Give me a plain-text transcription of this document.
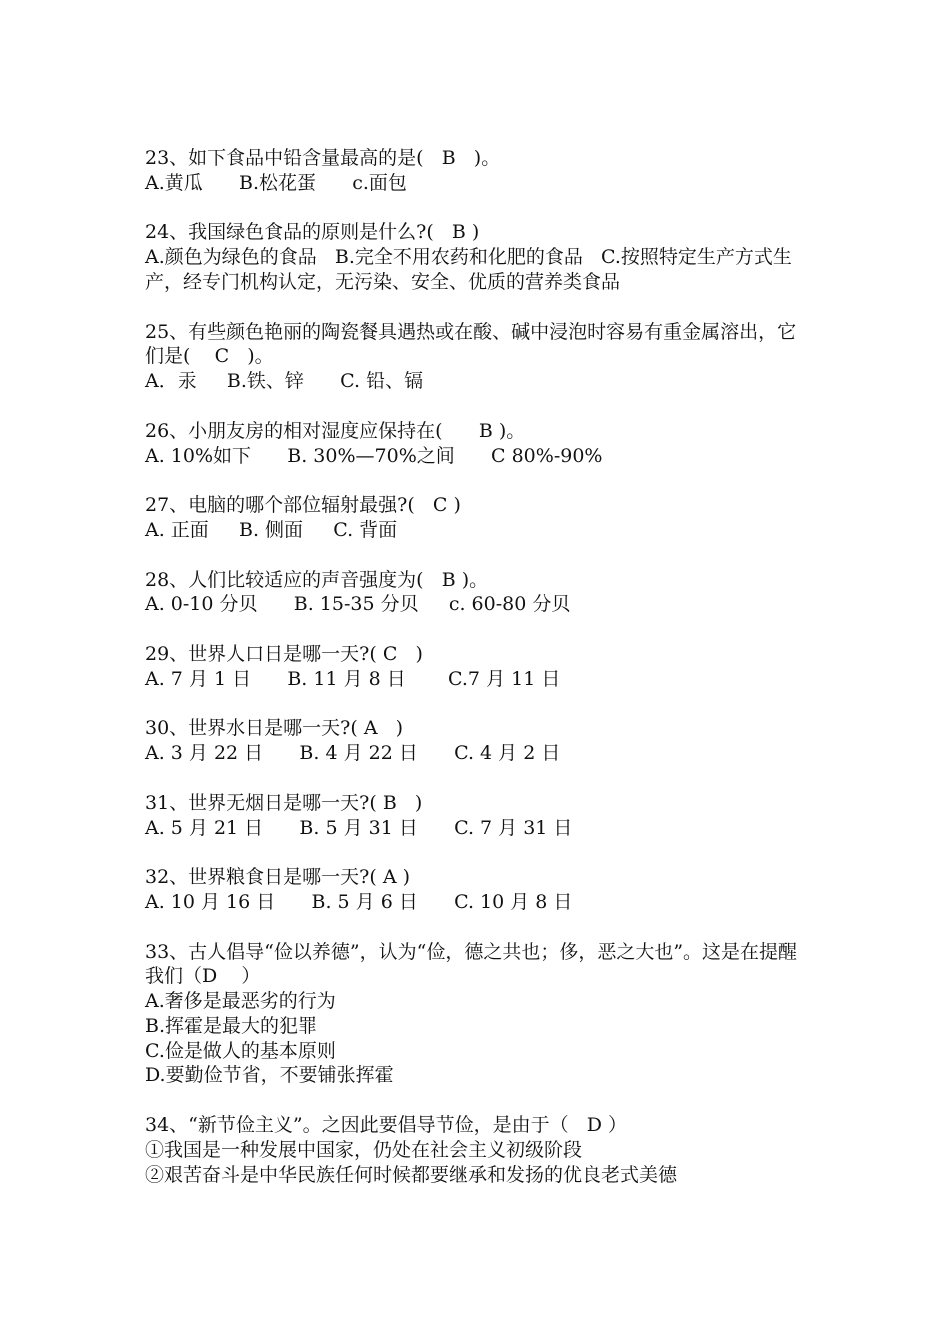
23、如下食品中铅含量最高的是(   B   )。

A.黄瓜      B.松花蛋      c.面包

24、我国绿色食品的原则是什么?(   B )

A.颜色为绿色的食品   B.完全不用农药和化肥的食品   C.按照特定生产方式生产，经专门机构认定，无污染、安全、优质的营养类食品

25、有些颜色艳丽的陶瓷餐具遇热或在酸、碱中浸泡时容易有重金属溶出，它们是(    C   )。

A．汞     B.铁、锌      C. 铅、镉

26、小朋友房的相对湿度应保持在(      B )。

A. 10%如下      B. 30%—70%之间      C 80%-90%

27、电脑的哪个部位辐射最强?(   C )

A. 正面     B. 侧面     C. 背面

28、人们比较适应的声音强度为(   B )。

A. 0-10 分贝      B. 15-35 分贝     c. 60-80 分贝

29、世界人口日是哪一天?( C   )

A. 7 月 1 日      B. 11 月 8 日       C.7 月 11 日

30、世界水日是哪一天?( A   )

A. 3 月 22 日      B. 4 月 22 日      C. 4 月 2 日

31、世界无烟日是哪一天?( B   )

A. 5 月 21 日      B. 5 月 31 日      C. 7 月 31 日

32、世界粮食日是哪一天?( A )

A. 10 月 16 日      B. 5 月 6 日      C. 10 月 8 日

33、古人倡导“俭以养德”，认为“俭，德之共也；侈，恶之大也”。这是在提醒我们（D    ）

A.奢侈是最恶劣的行为

B.挥霍是最大的犯罪

C.俭是做人的基本原则

D.要勤俭节省，不要铺张挥霍

34、“新节俭主义”。之因此要倡导节俭，是由于（   D ）

①我国是一种发展中国家，仍处在社会主义初级阶段

②艰苦奋斗是中华民族任何时候都要继承和发扬的优良老式美德
